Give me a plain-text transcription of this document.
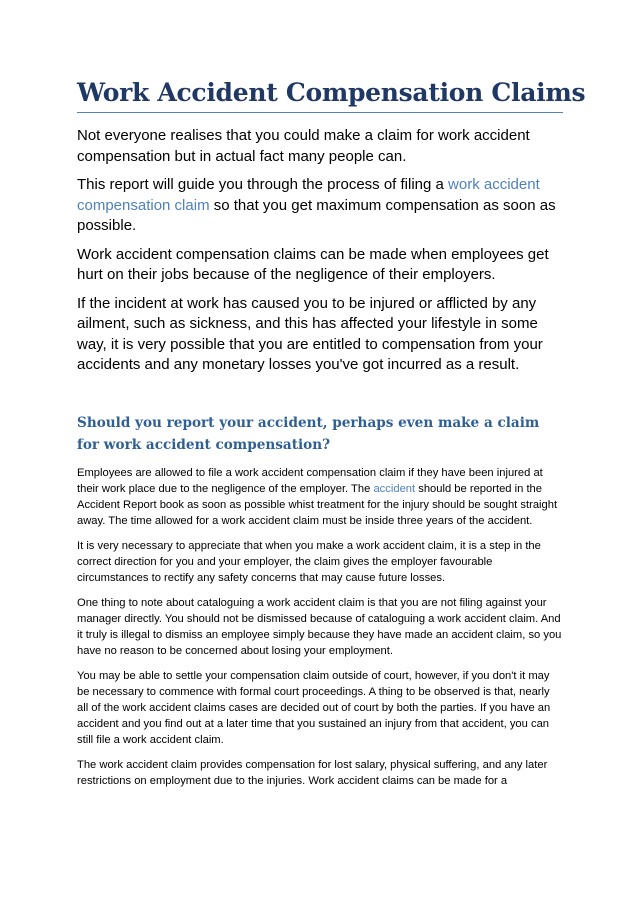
Work Accident Compensation Claims

Not everyone realises that you could make a claim for work accident compensation but in actual fact many people can.

This report will guide you through the process of filing a work accident compensation claim so that you get maximum compensation as soon as possible.

Work accident compensation claims can be made when employees get hurt on their jobs because of the negligence of their employers.

If the incident at work has caused you to be injured or afflicted by any ailment, such as sickness, and this has affected your lifestyle in some way, it is very possible that you are entitled to compensation from your accidents and any monetary losses you've got incurred as a result.

Should you report your accident, perhaps even make a claim for work accident compensation?

Employees are allowed to file a work accident compensation claim if they have been injured at their work place due to the negligence of the employer. The accident should be reported in the Accident Report book as soon as possible whist treatment for the injury should be sought straight away. The time allowed for a work accident claim must be inside three years of the accident.

It is very necessary to appreciate that when you make a work accident claim, it is a step in the correct direction for you and your employer, the claim gives the employer favourable circumstances to rectify any safety concerns that may cause future losses.

One thing to note about cataloguing a work accident claim is that you are not filing against your manager directly. You should not be dismissed because of cataloguing a work accident claim. And it truly is illegal to dismiss an employee simply because they have made an accident claim, so you have no reason to be concerned about losing your employment.

You may be able to settle your compensation claim outside of court, however, if you don't it may be necessary to commence with formal court proceedings. A thing to be observed is that, nearly all of the work accident claims cases are decided out of court by both the parties. If you have an accident and you find out at a later time that you sustained an injury from that accident, you can still file a work accident claim.

The work accident claim provides compensation for lost salary, physical suffering, and any later restrictions on employment due to the injuries. Work accident claims can be made for a
